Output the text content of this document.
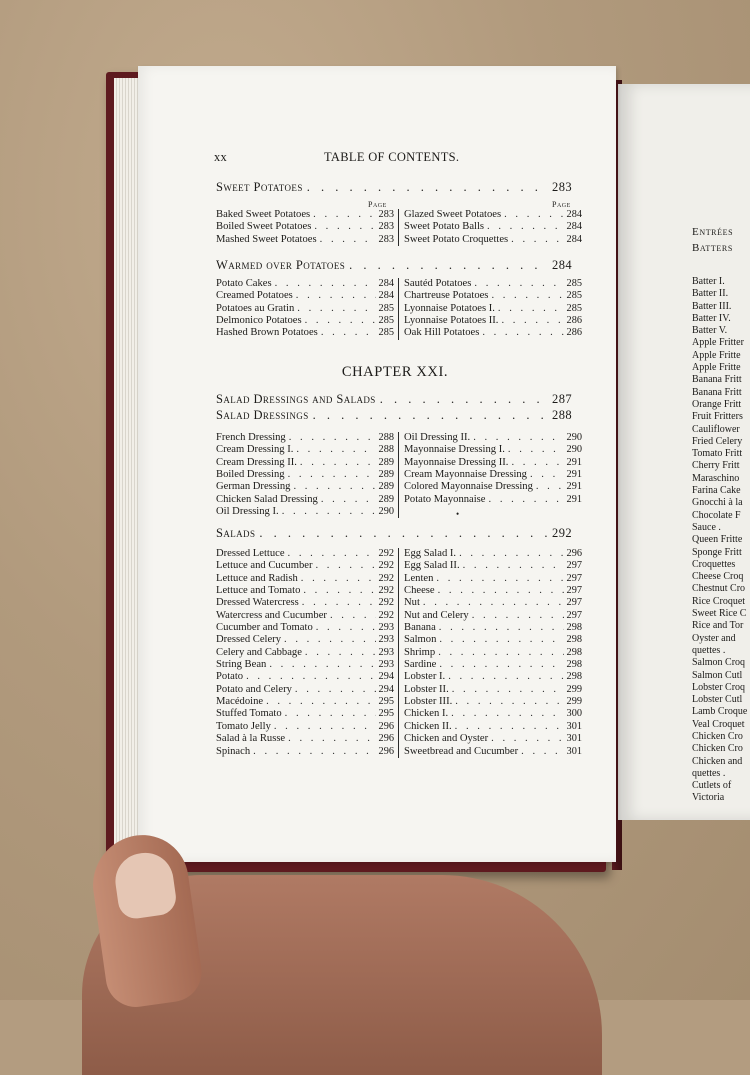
Entrées
Batters
Batter I.
Batter II.
Batter III.
Batter IV.
Batter V.
Apple Fritter
Apple Fritte
Apple Fritte
Banana Fritt
Banana Fritt
Orange Fritt
Fruit Fritters
Cauliflower
Fried Celery
Tomato Fritt
Cherry Fritt
Maraschino
Farina Cake
Gnocchi à la
Chocolate F
Sauce .
Queen Fritte
Sponge Fritt
Croquettes
Cheese Croq
Chestnut Cro
Rice Croquet
Sweet Rice C
Rice and Tor
Oyster and
quettes .
Salmon Croq
Salmon Cutl
Lobster Croq
Lobster Cutl
Lamb Croque
Veal Croquet
Chicken Cro
Chicken Cro
Chicken and
quettes .
Cutlets of
Victoria
xx	TABLE OF CONTENTS.
Sweet Potatoes . . .	283
Page	Page
Baked Sweet Potatoes . . .	283
Boiled Sweet Potatoes . . .	283
Mashed Sweet Potatoes . . .	283
Glazed Sweet Potatoes . . .	284
Sweet Potato Balls . . .	284
Sweet Potato Croquettes . . .	284
Warmed over Potatoes . . .	284
Potato Cakes . . .	284
Creamed Potatoes . . .	284
Potatoes au Gratin . . .	285
Delmonico Potatoes . . .	285
Hashed Brown Potatoes . . .	285
Sautéd Potatoes . . .	285
Chartreuse Potatoes . . .	285
Lyonnaise Potatoes I. . . .	285
Lyonnaise Potatoes II. . . .	286
Oak Hill Potatoes . . .	286
CHAPTER XXI.
Salad Dressings and Salads . . .	287
Salad Dressings . . .	288
French Dressing . . .	288
Cream Dressing I. . . .	288
Cream Dressing II. . . .	289
Boiled Dressing . . .	289
German Dressing . . .	289
Chicken Salad Dressing . . .	289
Oil Dressing I. . . .	290
Oil Dressing II. . . .	290
Mayonnaise Dressing I. . . .	290
Mayonnaise Dressing II. . . .	291
Cream Mayonnaise Dressing . . .	291
Colored Mayonnaise Dressing . . .	291
Potato Mayonnaise . . .	291
•
Salads . . .	292
Dressed Lettuce . . .	292
Lettuce and Cucumber . . .	292
Lettuce and Radish . . .	292
Lettuce and Tomato . . .	292
Dressed Watercress . . .	292
Watercress and Cucumber . . .	292
Cucumber and Tomato . . .	293
Dressed Celery . . .	293
Celery and Cabbage . . .	293
String Bean . . .	293
Potato . . .	294
Potato and Celery . . .	294
Macédoine . . .	295
Stuffed Tomato . . .	295
Tomato Jelly . . .	296
Salad à la Russe . . .	296
Spinach . . .	296
Egg Salad I. . . .	296
Egg Salad II. . . .	297
Lenten . . .	297
Cheese . . .	297
Nut . . .	297
Nut and Celery . . .	297
Banana . . .	298
Salmon . . .	298
Shrimp . . .	298
Sardine . . .	298
Lobster I. . . .	298
Lobster II. . . .	299
Lobster III. . . .	299
Chicken I. . . .	300
Chicken II. . . .	301
Chicken and Oyster . . .	301
Sweetbread and Cucumber . . .	301
